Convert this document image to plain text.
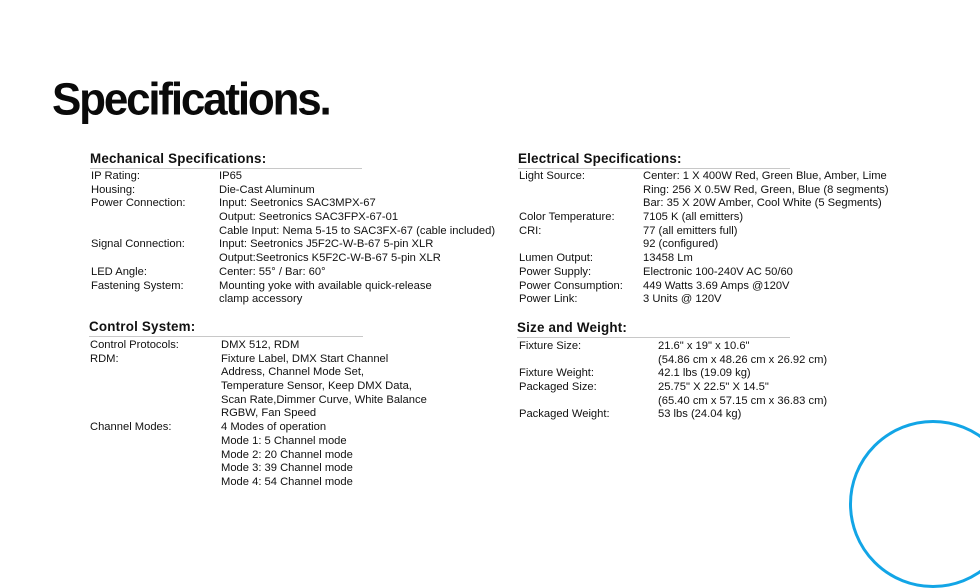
Specifications.
Mechanical Specifications:
IP Rating:	IP65
Housing:	Die-Cast Aluminum
Power Connection:	Input: Seetronics SAC3MPX-67
Output: Seetronics SAC3FPX-67-01
Cable Input: Nema 5-15 to SAC3FX-67 (cable included)
Signal Connection:	Input: Seetronics J5F2C-W-B-67 5-pin XLR
Output:Seetronics K5F2C-W-B-67 5-pin XLR
LED Angle:	Center: 55° / Bar: 60°
Fastening System:	Mounting yoke with available quick-release
clamp accessory
Control System:
Control Protocols:	DMX 512, RDM
RDM:	Fixture Label, DMX Start Channel
Address, Channel Mode Set,
Temperature Sensor, Keep DMX Data,
Scan Rate,Dimmer Curve, White Balance
RGBW, Fan Speed
Channel Modes:	4 Modes of operation
Mode 1: 5 Channel mode
Mode 2: 20 Channel mode
Mode 3: 39 Channel mode
Mode 4: 54 Channel mode
Electrical Specifications:
Light Source:	Center: 1 X 400W Red, Green Blue, Amber, Lime
Ring: 256 X 0.5W Red, Green, Blue (8 segments)
Bar: 35 X 20W Amber, Cool White (5 Segments)
Color Temperature:	7105 K (all emitters)
CRI:	77 (all emitters full)
92 (configured)
Lumen Output:	13458 Lm
Power Supply:	Electronic 100-240V AC 50/60
Power Consumption: 449 Watts 3.69 Amps @120V
Power Link:	3 Units @ 120V
Size and Weight:
Fixture Size:	21.6" x 19" x 10.6"
(54.86 cm x 48.26 cm x 26.92 cm)
Fixture Weight:	42.1 lbs (19.09 kg)
Packaged Size:	25.75" X 22.5" X 14.5"
(65.40 cm x 57.15 cm x 36.83 cm)
Packaged Weight:	53 lbs (24.04 kg)
